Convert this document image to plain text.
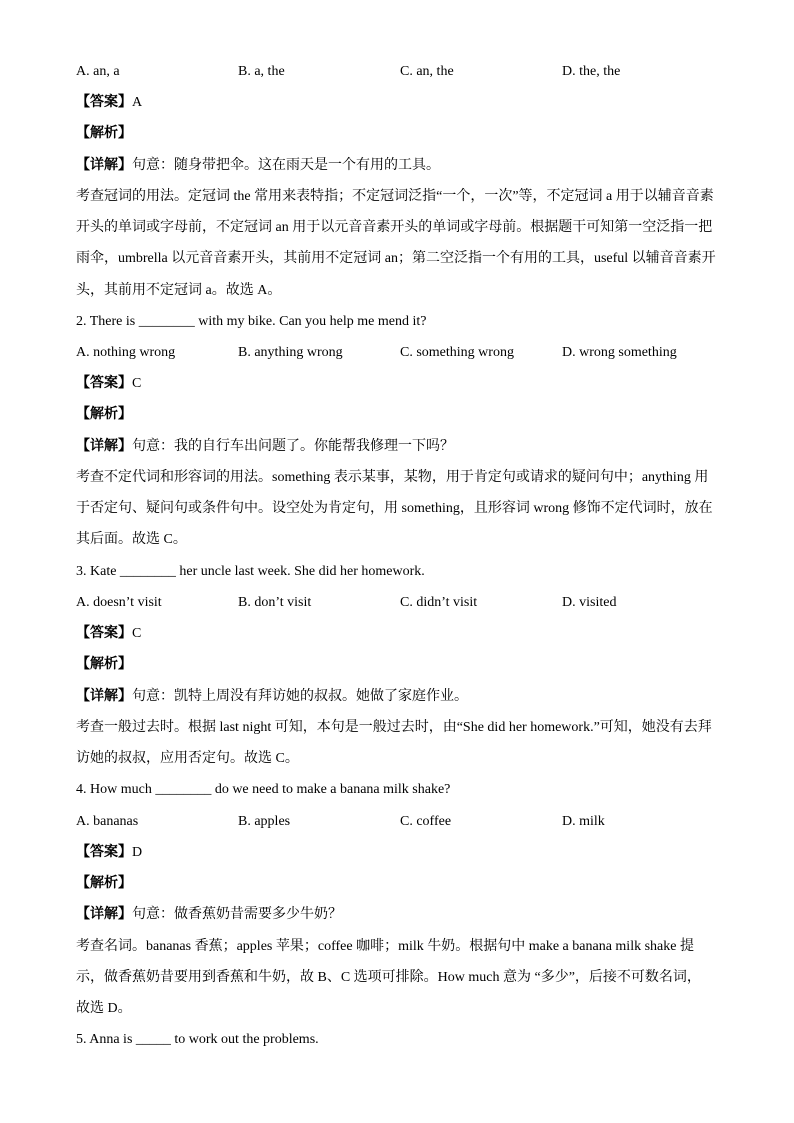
A. an, a	B. a, the	C. an, the	D. the, the
【答案】A
【解析】
【详解】句意：随身带把伞。这在雨天是一个有用的工具。
考查冠词的用法。定冠词 the 常用来表特指；不定冠词泛指“一个，一次”等，不定冠词 a 用于以辅音音素
开头的单词或字母前，不定冠词 an 用于以元音音素开头的单词或字母前。根据题干可知第一空泛指一把
雨伞，umbrella 以元音音素开头，其前用不定冠词 an；第二空泛指一个有用的工具，useful 以辅音音素开
头，其前用不定冠词 a。故选 A。
2. There is ________ with my bike. Can you help me mend it?
A. nothing wrong	B. anything wrong	C. something wrong	D. wrong something
【答案】C
【解析】
【详解】句意：我的自行车出问题了。你能帮我修理一下吗？
考查不定代词和形容词的用法。something 表示某事，某物，用于肯定句或请求的疑问句中；anything 用
于否定句、疑问句或条件句中。设空处为肯定句，用 something，且形容词 wrong 修饰不定代词时，放在
其后面。故选 C。
3. Kate ________ her uncle last week. She did her homework.
A. doesn’t visit	B. don’t visit	C. didn’t visit	D. visited
【答案】C
【解析】
【详解】句意：凯特上周没有拜访她的叔叔。她做了家庭作业。
考查一般过去时。根据 last night 可知，本句是一般过去时，由“She did her homework.”可知，她没有去拜
访她的叔叔，应用否定句。故选 C。
4. How much ________ do we need to make a banana milk shake?
A. bananas	B. apples	C. coffee	D. milk
【答案】D
【解析】
【详解】句意：做香蕉奶昔需要多少牛奶？
考查名词。bananas 香蕉；apples 苹果；coffee 咖啡；milk 牛奶。根据句中 make a banana milk shake 提
示，做香蕉奶昔要用到香蕉和牛奶，故 B、C 选项可排除。How much 意为 “多少”，后接不可数名词，
故选 D。
5. Anna is _____ to work out the problems.
